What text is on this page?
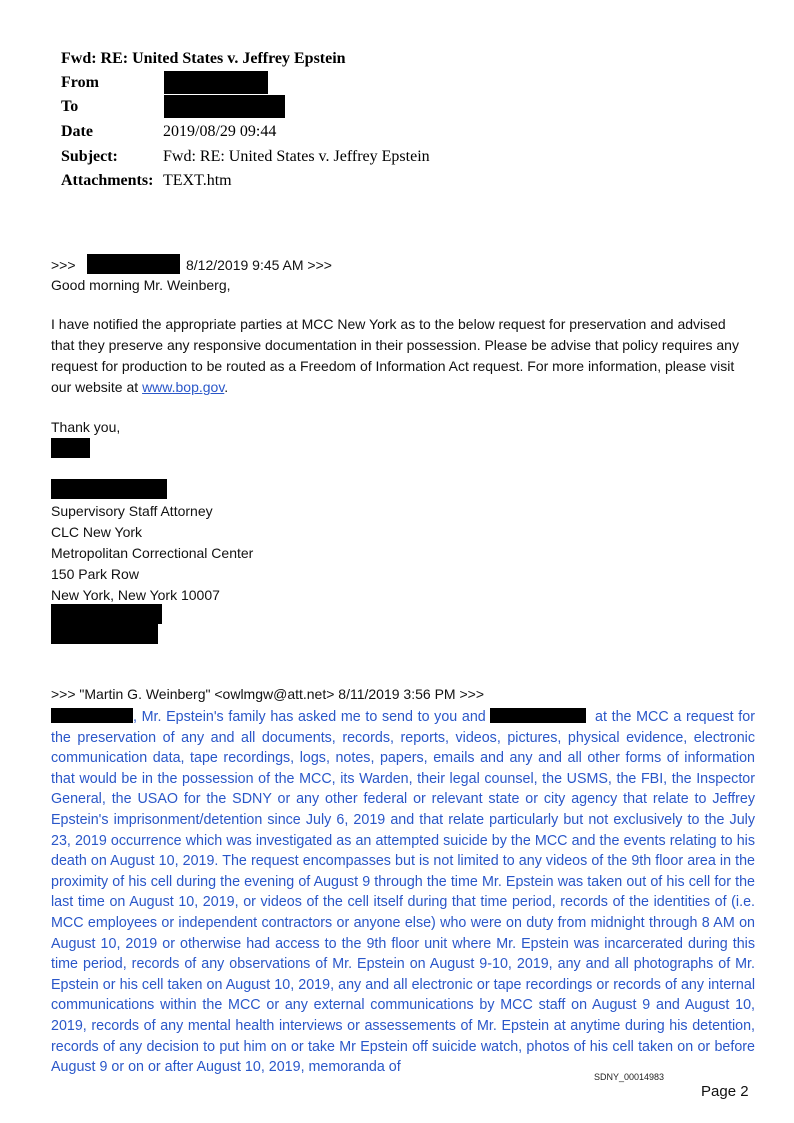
Fwd: RE: United States v. Jeffrey Epstein
From
To
Date	2019/08/29 09:44
Subject:	Fwd: RE: United States v. Jeffrey Epstein
Attachments: TEXT.htm
>>>	8/12/2019 9:45 AM >>>
Good morning Mr. Weinberg,
I have notified the appropriate parties at MCC New York as to the below request for preservation and advised that they preserve any responsive documentation in their possession. Please be advise that policy requires any request for production to be routed as a Freedom of Information Act request. For more information, please visit our website at www.bop.gov.
Thank you,
Supervisory Staff Attorney
CLC New York
Metropolitan Correctional Center
150 Park Row
New York, New York 10007
>>> "Martin G. Weinberg" <owlmgw@att.net> 8/11/2019 3:56 PM >>>
, Mr. Epstein's family has asked me to send to you and	at the MCC a request for the preservation of any and all documents, records, reports, videos, pictures, physical evidence, electronic communication data, tape recordings, logs, notes, papers, emails and any and all other forms of information that would be in the possession of the MCC, its Warden, their legal counsel, the USMS, the FBI, the Inspector General, the USAO for the SDNY or any other federal or relevant state or city agency that relate to Jeffrey Epstein's imprisonment/detention since July 6, 2019 and that relate particularly but not exclusively to the July 23, 2019 occurrence which was investigated as an attempted suicide by the MCC and the events relating to his death on August 10, 2019. The request encompasses but is not limited to any videos of the 9th floor area in the proximity of his cell during the evening of August 9 through the time Mr. Epstein was taken out of his cell for the last time on August 10, 2019, or videos of the cell itself during that time period, records of the identities of (i.e. MCC employees or independent contractors or anyone else) who were on duty from midnight through 8 AM on August 10, 2019 or otherwise had access to the 9th floor unit where Mr. Epstein was incarcerated during this time period, records of any observations of Mr. Epstein on August 9-10, 2019, any and all photographs of Mr. Epstein or his cell taken on August 10, 2019, any and all electronic or tape recordings or records of any internal communications within the MCC or any external communications by MCC staff on August 9 and August 10, 2019, records of any mental health interviews or assessements of Mr. Epstein at anytime during his detention, records of any decision to put him on or take Mr Epstein off suicide watch, photos of his cell taken on or before August 9 or on or after August 10, 2019, memoranda of
SDNY_00014983
Page 2
